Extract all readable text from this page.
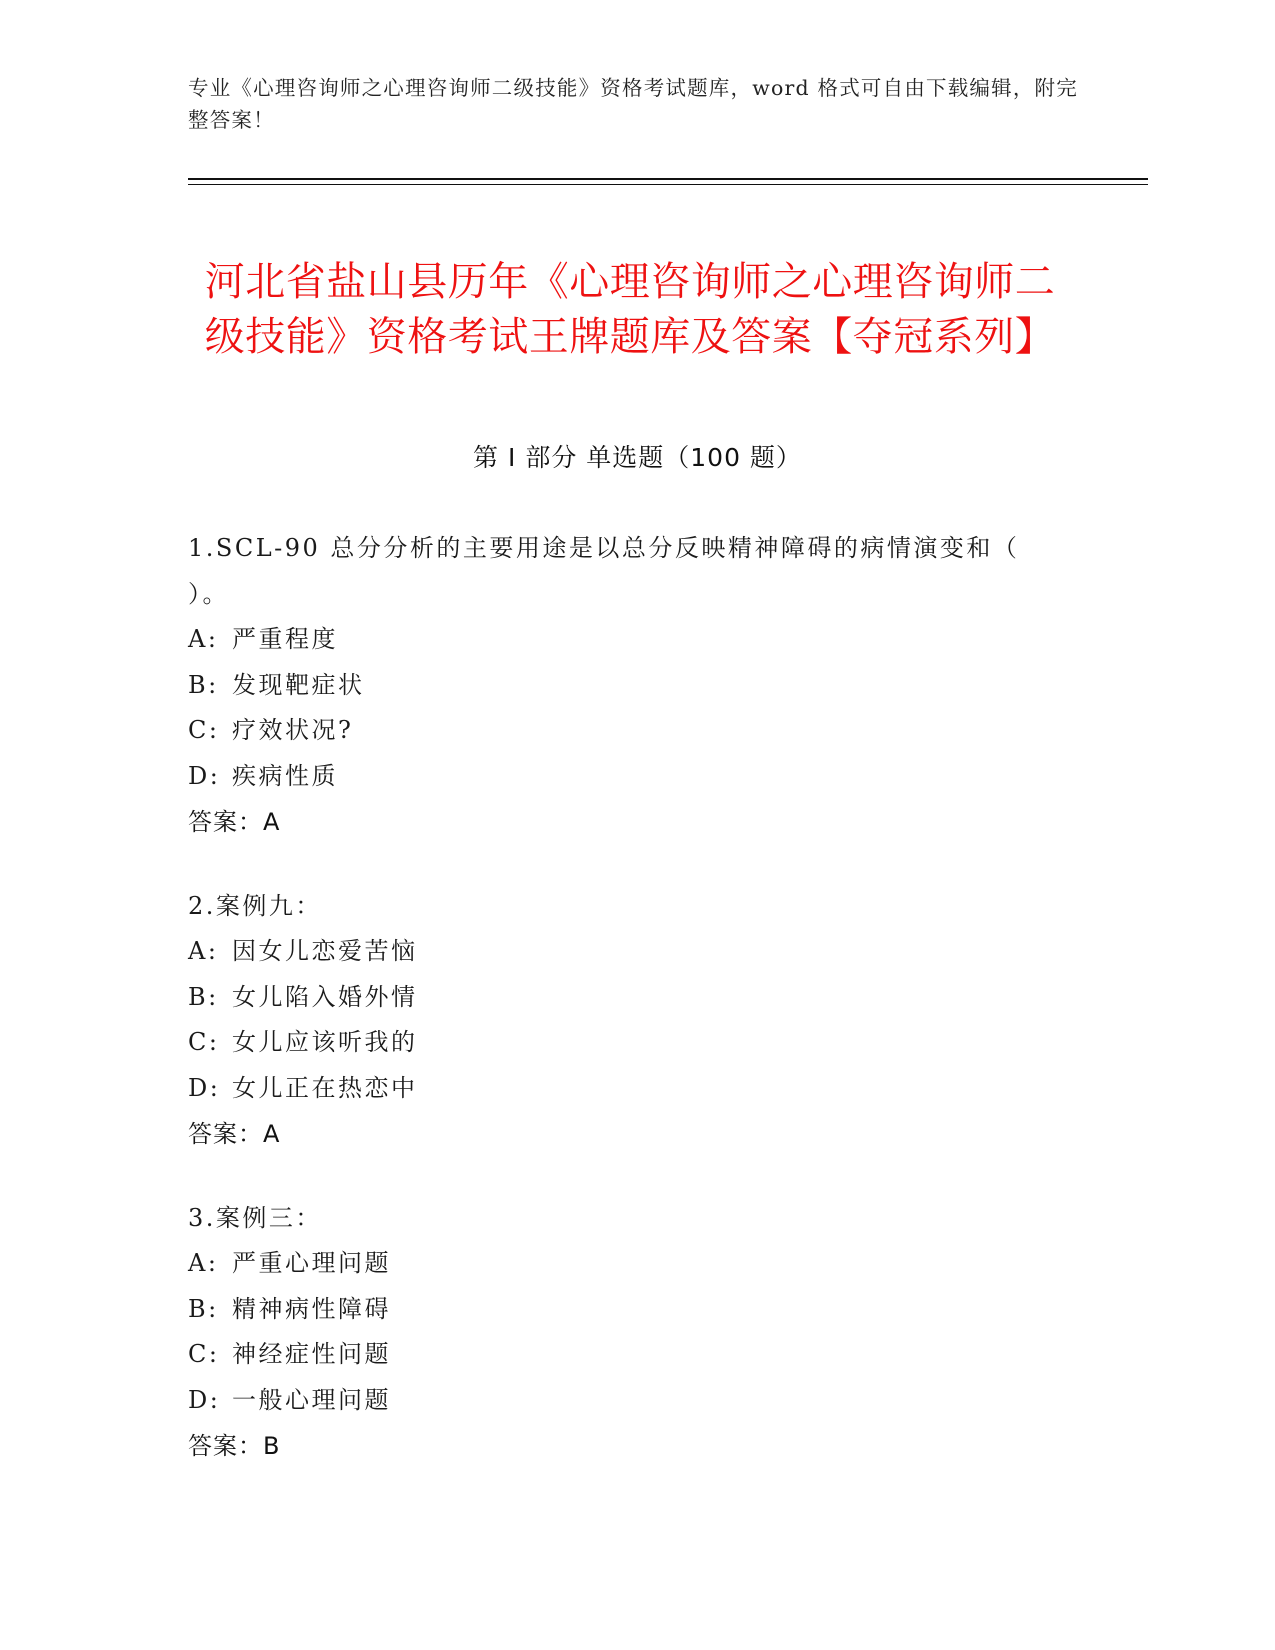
专业《心理咨询师之心理咨询师二级技能》资格考试题库，word 格式可自由下载编辑，附完整答案！
河北省盐山县历年《心理咨询师之心理咨询师二级技能》资格考试王牌题库及答案【夺冠系列】
第 I 部分 单选题（100 题）
1.SCL-90 总分分析的主要用途是以总分反映精神障碍的病情演变和（ ）。
A: 严重程度
B: 发现靶症状
C: 疗效状况?
D: 疾病性质
答案：A
2.案例九：
A: 因女儿恋爱苦恼
B: 女儿陷入婚外情
C: 女儿应该听我的
D: 女儿正在热恋中
答案：A
3.案例三：
A: 严重心理问题
B: 精神病性障碍
C: 神经症性问题
D: 一般心理问题
答案：B
